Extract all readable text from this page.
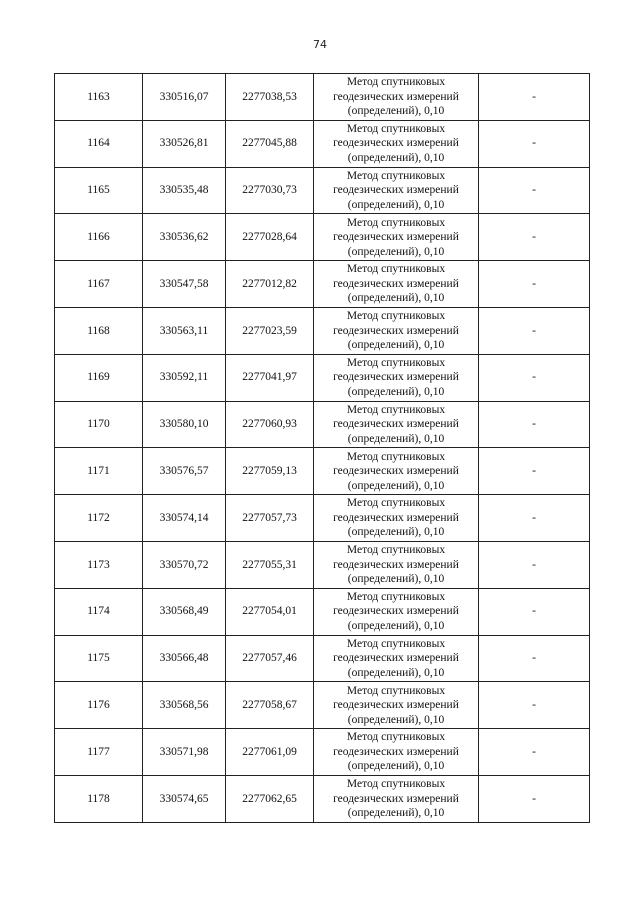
74
1163	330516,07	2277038,53	Метод спутниковых
геодезических измерений
(определений), 0,10	-
1164	330526,81	2277045,88	Метод спутниковых
геодезических измерений
(определений), 0,10	-
1165	330535,48	2277030,73	Метод спутниковых
геодезических измерений
(определений), 0,10	-
1166	330536,62	2277028,64	Метод спутниковых
геодезических измерений
(определений), 0,10	-
1167	330547,58	2277012,82	Метод спутниковых
геодезических измерений
(определений), 0,10	-
1168	330563,11	2277023,59	Метод спутниковых
геодезических измерений
(определений), 0,10	-
1169	330592,11	2277041,97	Метод спутниковых
геодезических измерений
(определений), 0,10	-
1170	330580,10	2277060,93	Метод спутниковых
геодезических измерений
(определений), 0,10	-
1171	330576,57	2277059,13	Метод спутниковых
геодезических измерений
(определений), 0,10	-
1172	330574,14	2277057,73	Метод спутниковых
геодезических измерений
(определений), 0,10	-
1173	330570,72	2277055,31	Метод спутниковых
геодезических измерений
(определений), 0,10	-
1174	330568,49	2277054,01	Метод спутниковых
геодезических измерений
(определений), 0,10	-
1175	330566,48	2277057,46	Метод спутниковых
геодезических измерений
(определений), 0,10	-
1176	330568,56	2277058,67	Метод спутниковых
геодезических измерений
(определений), 0,10	-
1177	330571,98	2277061,09	Метод спутниковых
геодезических измерений
(определений), 0,10	-
1178	330574,65	2277062,65	Метод спутниковых
геодезических измерений
(определений), 0,10	-
